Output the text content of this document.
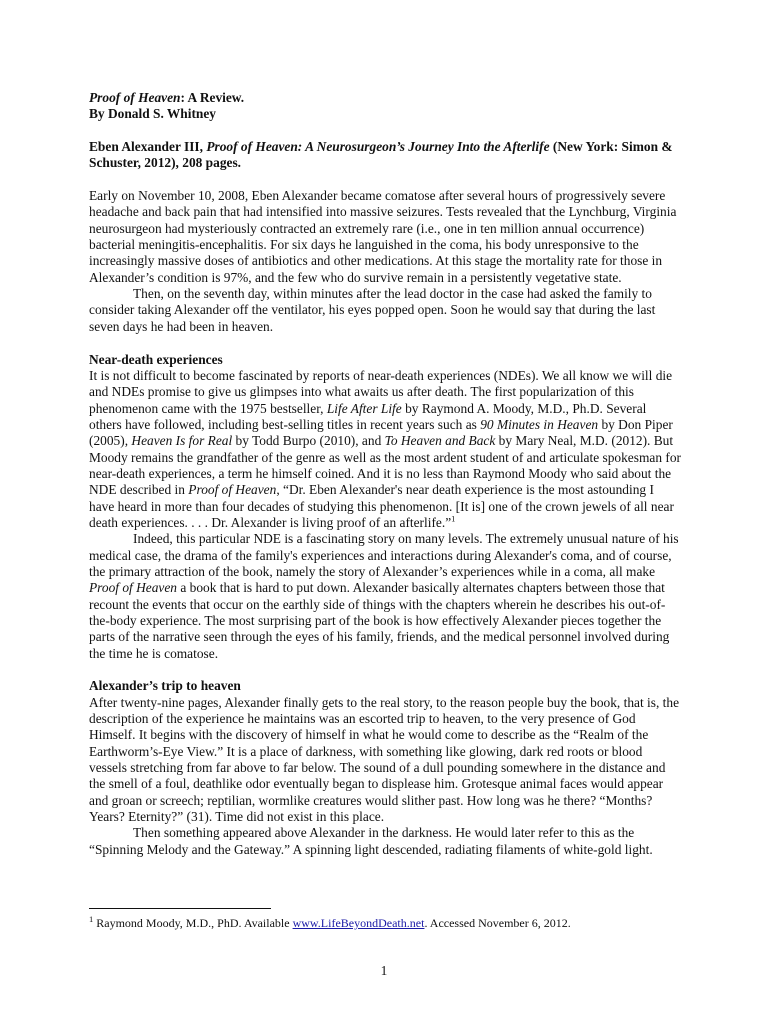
Proof of Heaven: A Review.

By Donald S. Whitney

Eben Alexander III, Proof of Heaven: A Neurosurgeon’s Journey Into the Afterlife (New York: Simon & Schuster, 2012), 208 pages.

Early on November 10, 2008, Eben Alexander became comatose after several hours of progressively severe headache and back pain that had intensified into massive seizures. Tests revealed that the Lynchburg, Virginia neurosurgeon had mysteriously contracted an extremely rare (i.e., one in ten million annual occurrence) bacterial meningitis-encephalitis. For six days he languished in the coma, his body unresponsive to the increasingly massive doses of antibiotics and other medications. At this stage the mortality rate for those in Alexander’s condition is 97%, and the few who do survive remain in a persistently vegetative state.

Then, on the seventh day, within minutes after the lead doctor in the case had asked the family to consider taking Alexander off the ventilator, his eyes popped open. Soon he would say that during the last seven days he had been in heaven.

Near-death experiences

It is not difficult to become fascinated by reports of near-death experiences (NDEs). We all know we will die and NDEs promise to give us glimpses into what awaits us after death. The first popularization of this phenomenon came with the 1975 bestseller, Life After Life by Raymond A. Moody, M.D., Ph.D. Several others have followed, including best-selling titles in recent years such as 90 Minutes in Heaven by Don Piper (2005), Heaven Is for Real by Todd Burpo (2010), and To Heaven and Back by Mary Neal, M.D. (2012). But Moody remains the grandfather of the genre as well as the most ardent student of and articulate spokesman for near-death experiences, a term he himself coined. And it is no less than Raymond Moody who said about the NDE described in Proof of Heaven, “Dr. Eben Alexander's near death experience is the most astounding I have heard in more than four decades of studying this phenomenon. [It is] one of the crown jewels of all near death experiences. . . . Dr. Alexander is living proof of an afterlife.”$^1$

Indeed, this particular NDE is a fascinating story on many levels. The extremely unusual nature of his medical case, the drama of the family's experiences and interactions during Alexander's coma, and of course, the primary attraction of the book, namely the story of Alexander’s experiences while in a coma, all make Proof of Heaven a book that is hard to put down. Alexander basically alternates chapters between those that recount the events that occur on the earthly side of things with the chapters wherein he describes his out-of-the-body experience. The most surprising part of the book is how effectively Alexander pieces together the parts of the narrative seen through the eyes of his family, friends, and the medical personnel involved during the time he is comatose.

Alexander’s trip to heaven

After twenty-nine pages, Alexander finally gets to the real story, to the reason people buy the book, that is, the description of the experience he maintains was an escorted trip to heaven, to the very presence of God Himself. It begins with the discovery of himself in what he would come to describe as the “Realm of the Earthworm’s-Eye View.” It is a place of darkness, with something like glowing, dark red roots or blood vessels stretching from far above to far below. The sound of a dull pounding somewhere in the distance and the smell of a foul, deathlike odor eventually began to displease him. Grotesque animal faces would appear and groan or screech; reptilian, wormlike creatures would slither past. How long was he there? “Months? Years? Eternity?” (31). Time did not exist in this place.

Then something appeared above Alexander in the darkness. He would later refer to this as the “Spinning Melody and the Gateway.” A spinning light descended, radiating filaments of white-gold light.

$^1$ Raymond Moody, M.D., PhD. Available www.LifeBeyondDeath.net. Accessed November 6, 2012.
1
